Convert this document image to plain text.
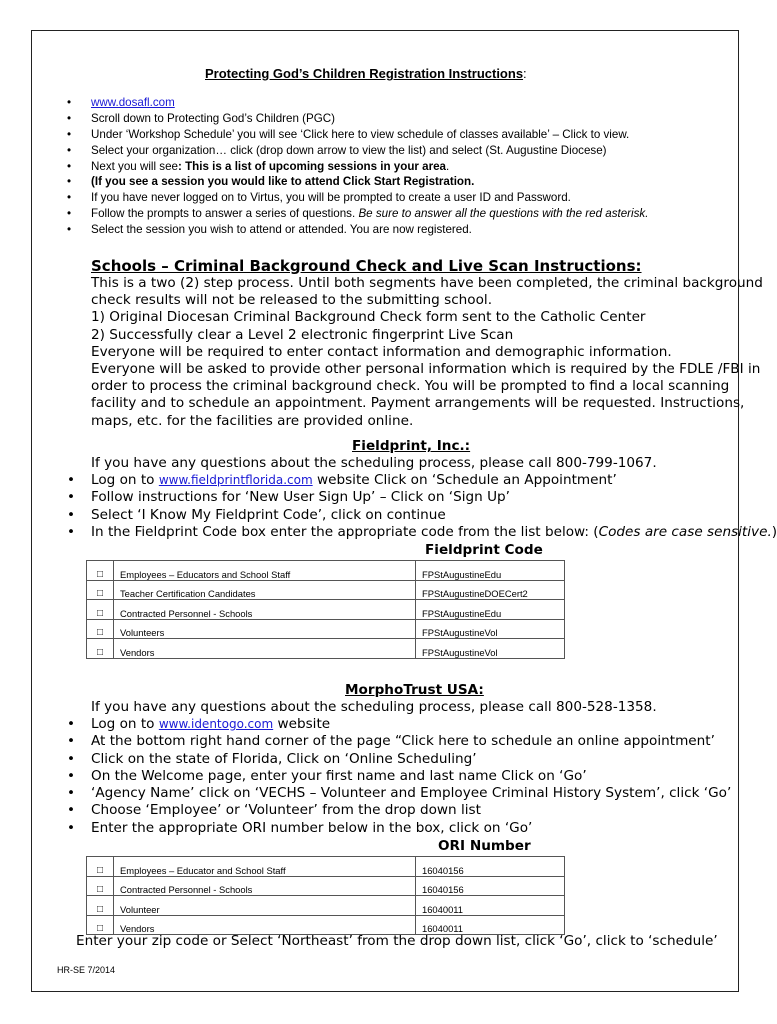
Protecting God’s Children Registration Instructions:
• www.dosafl.com
• Scroll down to Protecting God’s Children (PGC)
• Under ‘Workshop Schedule’ you will see ‘Click here to view schedule of classes available’ – Click to view.
• Select your organization… click (drop down arrow to view the list) and select (St. Augustine Diocese)
• Next you will see: This is a list of upcoming sessions in your area.
• (If you see a session you would like to attend Click Start Registration.
• If you have never logged on to Virtus, you will be prompted to create a user ID and Password.
• Follow the prompts to answer a series of questions. Be sure to answer all the questions with the red asterisk.
• Select the session you wish to attend or attended. You are now registered.
Schools – Criminal Background Check and Live Scan Instructions:

This is a two (2) step process. Until both segments have been completed, the criminal background

check results will not be released to the submitting school.

1) Original Diocesan Criminal Background Check form sent to the Catholic Center

2) Successfully clear a Level 2 electronic fingerprint Live Scan

Everyone will be required to enter contact information and demographic information.

Everyone will be asked to provide other personal information which is required by the FDLE /FBI in

order to process the criminal background check. You will be prompted to find a local scanning

facility and to schedule an appointment. Payment arrangements will be requested. Instructions,

maps, etc. for the facilities are provided online.

Fieldprint, Inc.:
If you have any questions about the scheduling process, please call 800-799-1067.
• Log on to www.fieldprintflorida.com website Click on ‘Schedule an Appointment’
• Follow instructions for ‘New User Sign Up’ – Click on ‘Sign Up’
• Select ‘I Know My Fieldprint Code’, click on continue
• In the Fieldprint Code box enter the appropriate code from the list below: (Codes are case sensitive.)
Fieldprint Code
□	Employees – Educators and School Staff	FPStAugustineEdu
□	Teacher Certification Candidates	FPStAugustineDOECert2
□	Contracted Personnel - Schools	FPStAugustineEdu
□	Volunteers	FPStAugustineVol
□	Vendors	FPStAugustineVol
MorphoTrust USA:
If you have any questions about the scheduling process, please call 800-528-1358.
• Log on to www.identogo.com website
• At the bottom right hand corner of the page “Click here to schedule an online appointment’
• Click on the state of Florida, Click on ‘Online Scheduling’
• On the Welcome page, enter your first name and last name Click on ‘Go’
• ‘Agency Name’ click on ‘VECHS – Volunteer and Employee Criminal History System’, click ‘Go’
• Choose ‘Employee’ or ‘Volunteer’ from the drop down list
• Enter the appropriate ORI number below in the box, click on ‘Go’
ORI Number
□	Employees – Educator and School Staff	16040156
□	Contracted Personnel - Schools	16040156
□	Volunteer	16040011
□	Vendors	16040011
Enter your zip code or Select ‘Northeast’ from the drop down list, click ‘Go’, click to ‘schedule’
HR-SE 7/2014
